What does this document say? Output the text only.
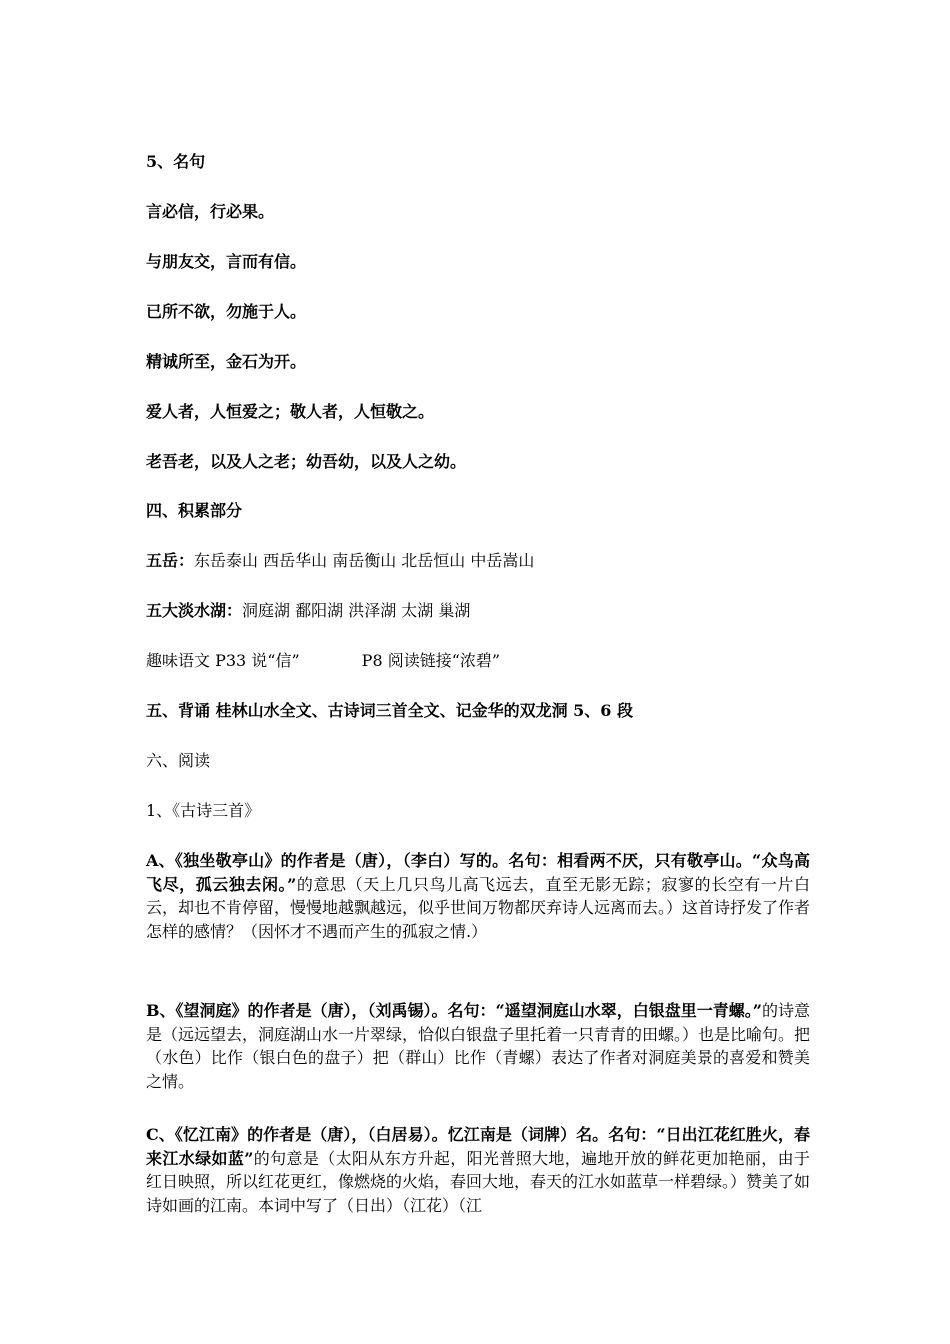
5、名句
言必信，行必果。
与朋友交，言而有信。
已所不欲，勿施于人。
精诚所至，金石为开。
爱人者，人恒爱之；敬人者，人恒敬之。
老吾老，以及人之老；幼吾幼，以及人之幼。
四、积累部分
五岳：东岳泰山 西岳华山 南岳衡山 北岳恒山 中岳嵩山
五大淡水湖：洞庭湖 鄱阳湖 洪泽湖 太湖 巢湖
趣味语文 P33 说“信”	P8 阅读链接“浓碧”
五、背诵 桂林山水全文、古诗词三首全文、记金华的双龙洞 5、6 段
六、阅读
1、《古诗三首》
A、《独坐敬亭山》的作者是（唐），（李白）写的。名句：相看两不厌，只有敬亭山。“众鸟高飞尽，孤云独去闲。”的意思（天上几只鸟儿高飞远去，直至无影无踪；寂寥的长空有一片白云，却也不肯停留，慢慢地越飘越远，似乎世间万物都厌弃诗人远离而去。）这首诗抒发了作者怎样的感情？（因怀才不遇而产生的孤寂之情.）
B、《望洞庭》的作者是（唐），（刘禹锡）。名句：“遥望洞庭山水翠，白银盘里一青螺。”的诗意是（远远望去，洞庭湖山水一片翠绿，恰似白银盘子里托着一只青青的田螺。）也是比喻句。把（水色）比作（银白色的盘子）把（群山）比作（青螺）表达了作者对洞庭美景的喜爱和赞美之情。
C、《忆江南》的作者是（唐），（白居易）。忆江南是（词牌）名。名句：“日出江花红胜火，春来江水绿如蓝”的句意是（太阳从东方升起，阳光普照大地，遍地开放的鲜花更加艳丽，由于红日映照，所以红花更红，像燃烧的火焰，春回大地，春天的江水如蓝草一样碧绿。）赞美了如诗如画的江南。本词中写了（日出）（江花）（江
